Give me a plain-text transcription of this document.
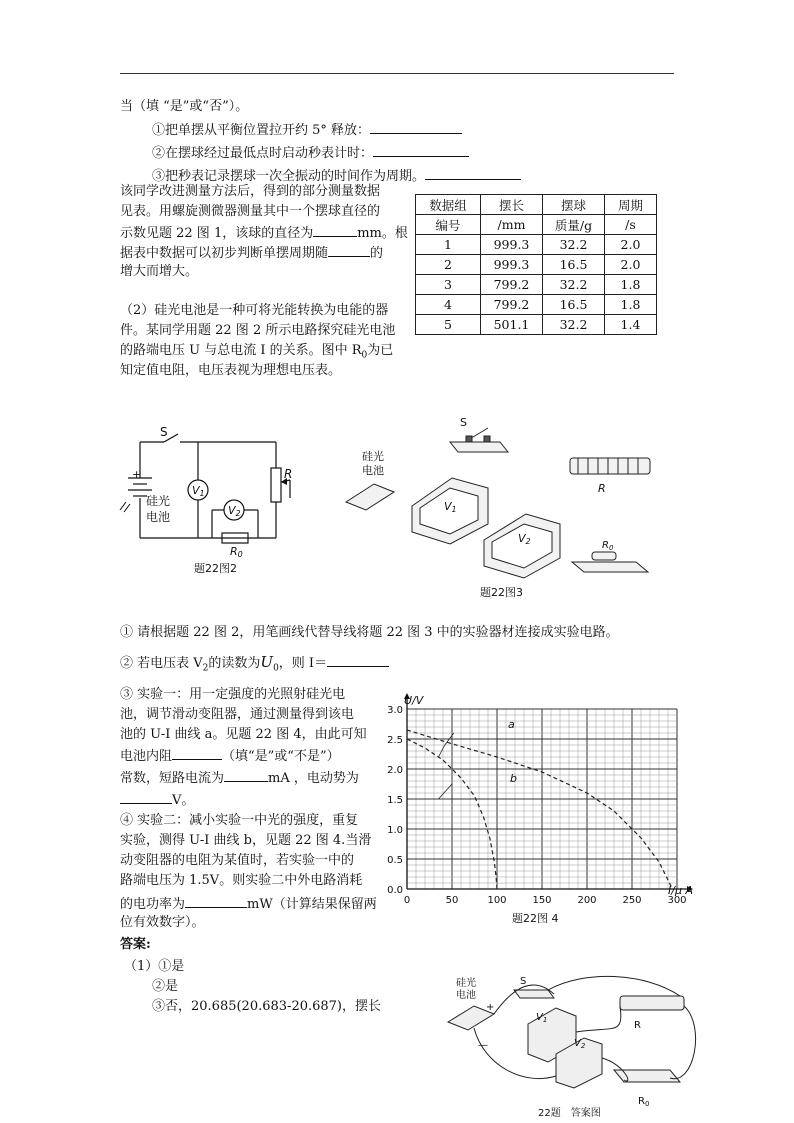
当（填 “是”或“否”）。
①把单摆从平衡位置拉开约 5° 释放：
②在摆球经过最低点时启动秒表计时：
③把秒表记录摆球一次全振动的时间作为周期。
该同学改进测量方法后，得到的部分测量数据
见表。用螺旋测微器测量其中一个摆球直径的
示数见题 22 图 1，该球的直径为	mm。根
据表中数据可以初步判断单摆周期随	的
增大而增大。
数据组	摆长	摆球	周期
编号	/mm	质量/g	/s
1	999.3	32.2	2.0
2	999.3	16.5	2.0
3	799.2	32.2	1.8
4	799.2	16.5	1.8
5	501.1	32.2	1.4
（2）硅光电池是一种可将光能转换为电能的器
件。某同学用题 22 图 2 所示电路探究硅光电池
的路端电压 U 与总电流 I 的关系。图中 $R_0$为已
知定值电阻，电压表视为理想电压表。
S
R
V1
V2
硅光
电池
+
R0
题22图2
S
硅光
电池
V1
V2
R
$R_0$
题22图3
① 请根据题 22 图 2，用笔画线代替导线将题 22 图 3 中的实验器材连接成实验电路。
② 若电压表 $V_2$的读数为$U_0$，则 I＝
③ 实验一：用一定强度的光照射硅光电
池，调节滑动变阻器，通过测量得到该电
池的 U-I 曲线 a。见题 22 图 4，由此可知
电池内阻	（填“是”或“不是”）
常数，短路电流为	mA ，电动势为
V。
④ 实验二：减小实验一中光的强度，重复
实验，测得 U-I 曲线 b，见题 22 图 4.当滑
动变阻器的电阻为某值时，若实验一中的
路端电压为 1.5V。则实验二中外电路消耗
的电功率为	mW（计算结果保留两
位有效数字）。
答案:
（1）①是
②是
③否，20.685(20.683-20.687)，摆长
0.0
0.5
1.0
1.5
2.0
2.5
3.0
0	50	100	150	200	250	300
U/V
I/μ A
题22图 4
a
b
硅光
电池
+
—
S
$V_1$
$V_2$
R
$R_0$
22题　答案图
